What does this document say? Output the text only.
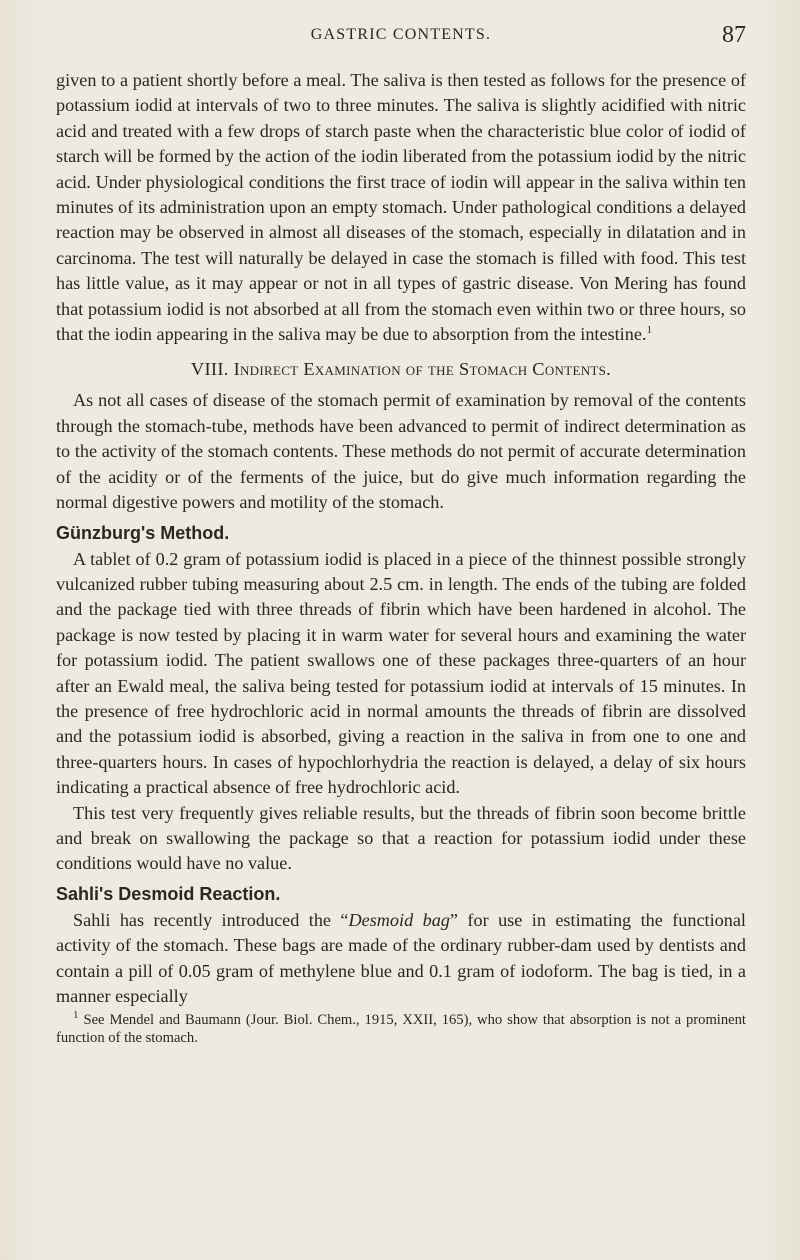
GASTRIC CONTENTS.	87

given to a patient shortly before a meal. The saliva is then tested as follows for the presence of potassium iodid at intervals of two to three minutes. The saliva is slightly acidified with nitric acid and treated with a few drops of starch paste when the characteristic blue color of iodid of starch will be formed by the action of the iodin liberated from the potassium iodid by the nitric acid. Under physiological conditions the first trace of iodin will appear in the saliva within ten minutes of its administration upon an empty stomach. Under pathological conditions a delayed reaction may be observed in almost all diseases of the stomach, especially in dilatation and in carcinoma. The test will naturally be delayed in case the stomach is filled with food. This test has little value, as it may appear or not in all types of gastric disease. Von Mering has found that potassium iodid is not absorbed at all from the stomach even within two or three hours, so that the iodin appearing in the saliva may be due to absorption from the intestine.$^1$

VIII. Indirect Examination of the Stomach Contents.

As not all cases of disease of the stomach permit of examination by removal of the contents through the stomach-tube, methods have been advanced to permit of indirect determination as to the activity of the stomach contents. These methods do not permit of accurate determination of the acidity or of the ferments of the juice, but do give much information regarding the normal digestive powers and motility of the stomach.

Günzburg's Method.

A tablet of 0.2 gram of potassium iodid is placed in a piece of the thinnest possible strongly vulcanized rubber tubing measuring about 2.5 cm. in length. The ends of the tubing are folded and the package tied with three threads of fibrin which have been hardened in alcohol. The package is now tested by placing it in warm water for several hours and examining the water for potassium iodid. The patient swallows one of these packages three-quarters of an hour after an Ewald meal, the saliva being tested for potassium iodid at intervals of 15 minutes. In the presence of free hydrochloric acid in normal amounts the threads of fibrin are dissolved and the potassium iodid is absorbed, giving a reaction in the saliva in from one to one and three-quarters hours. In cases of hypochlorhydria the reaction is delayed, a delay of six hours indicating a practical absence of free hydrochloric acid.

This test very frequently gives reliable results, but the threads of fibrin soon become brittle and break on swallowing the package so that a reaction for potassium iodid under these conditions would have no value.

Sahli's Desmoid Reaction.

Sahli has recently introduced the “Desmoid bag” for use in estimating the functional activity of the stomach. These bags are made of the ordinary rubber-dam used by dentists and contain a pill of 0.05 gram of methylene blue and 0.1 gram of iodoform. The bag is tied, in a manner especially

$^1$ See Mendel and Baumann (Jour. Biol. Chem., 1915, XXII, 165), who show that absorption is not a prominent function of the stomach.
